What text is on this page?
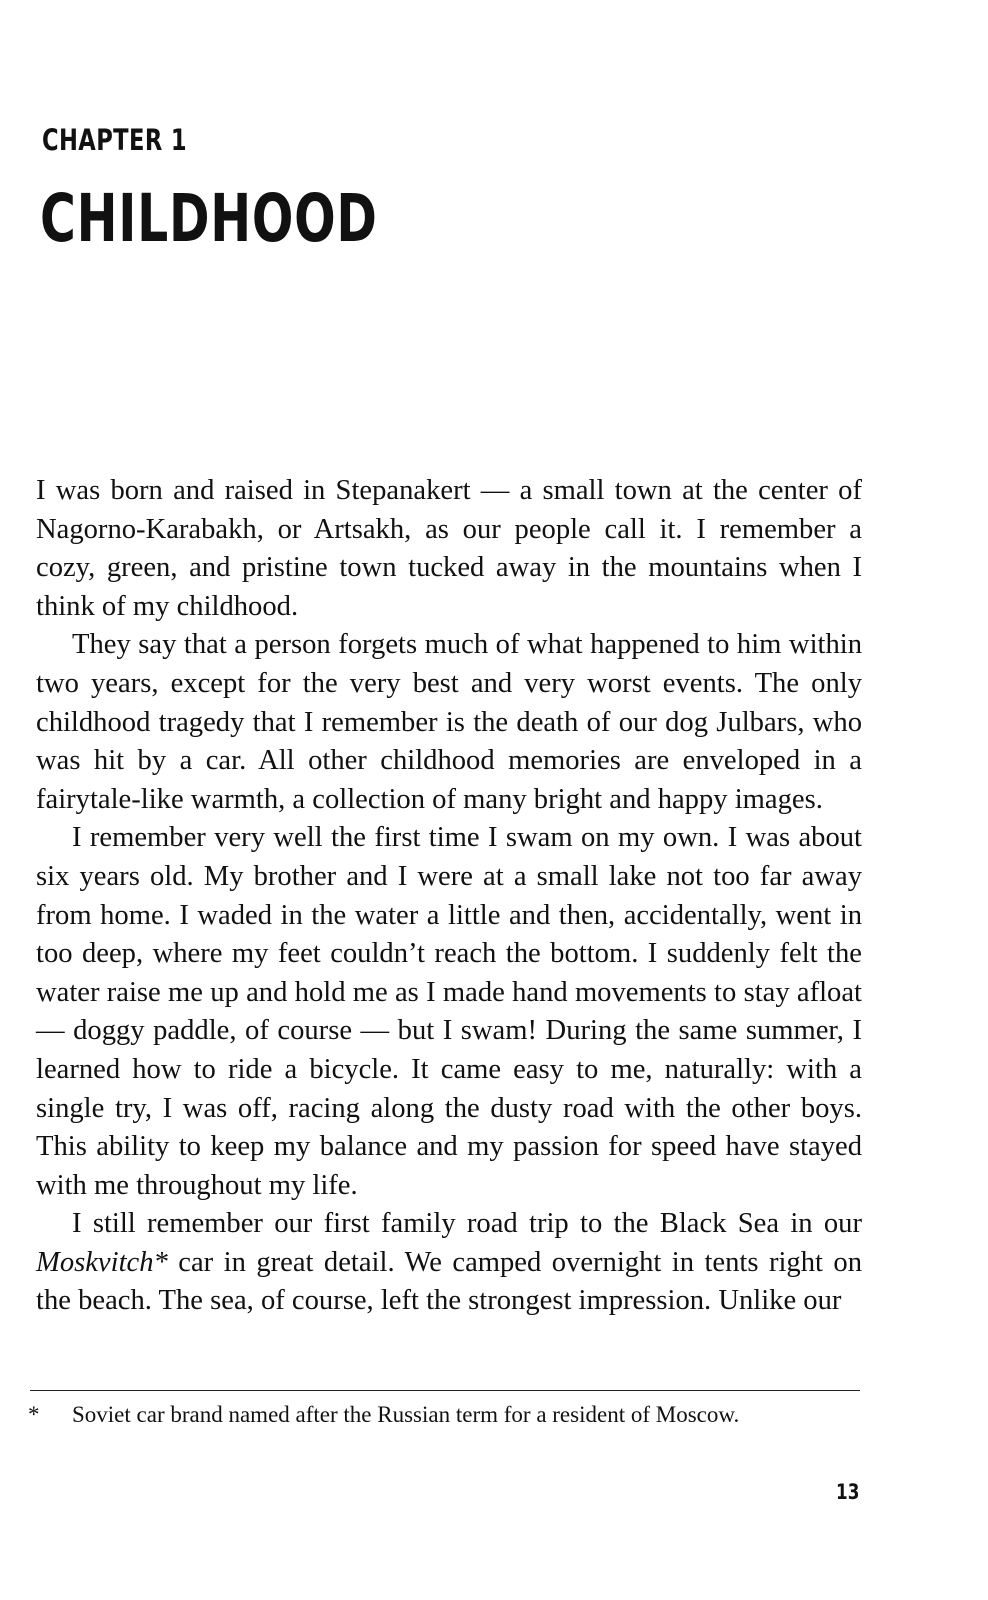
CHAPTER 1
CHILDHOOD

I was born and raised in Stepanakert — a small town at the center of Nagorno-Karabakh, or Artsakh, as our people call it. I remember a cozy, green, and pristine town tucked away in the mountains when I think of my childhood.

They say that a person forgets much of what happened to him within two years, except for the very best and very worst events. The only childhood tragedy that I remember is the death of our dog Julbars, who was hit by a car. All other childhood memories are enveloped in a fairytale-like warmth, a collection of many bright and happy images.

I remember very well the first time I swam on my own. I was about six years old. My brother and I were at a small lake not too far away from home. I waded in the water a little and then, accidentally, went in too deep, where my feet couldn’t reach the bottom. I suddenly felt the water raise me up and hold me as I made hand movements to stay afloat — doggy paddle, of course — but I swam! During the same summer, I learned how to ride a bicycle. It came easy to me, naturally: with a single try, I was off, racing along the dusty road with the other boys. This ability to keep my balance and my passion for speed have stayed with me throughout my life.

I still remember our first family road trip to the Black Sea in our Moskvitch* car in great detail. We camped overnight in tents right on the beach. The sea, of course, left the strongest impression. Unlike our

* Soviet car brand named after the Russian term for a resident of Moscow.
13
